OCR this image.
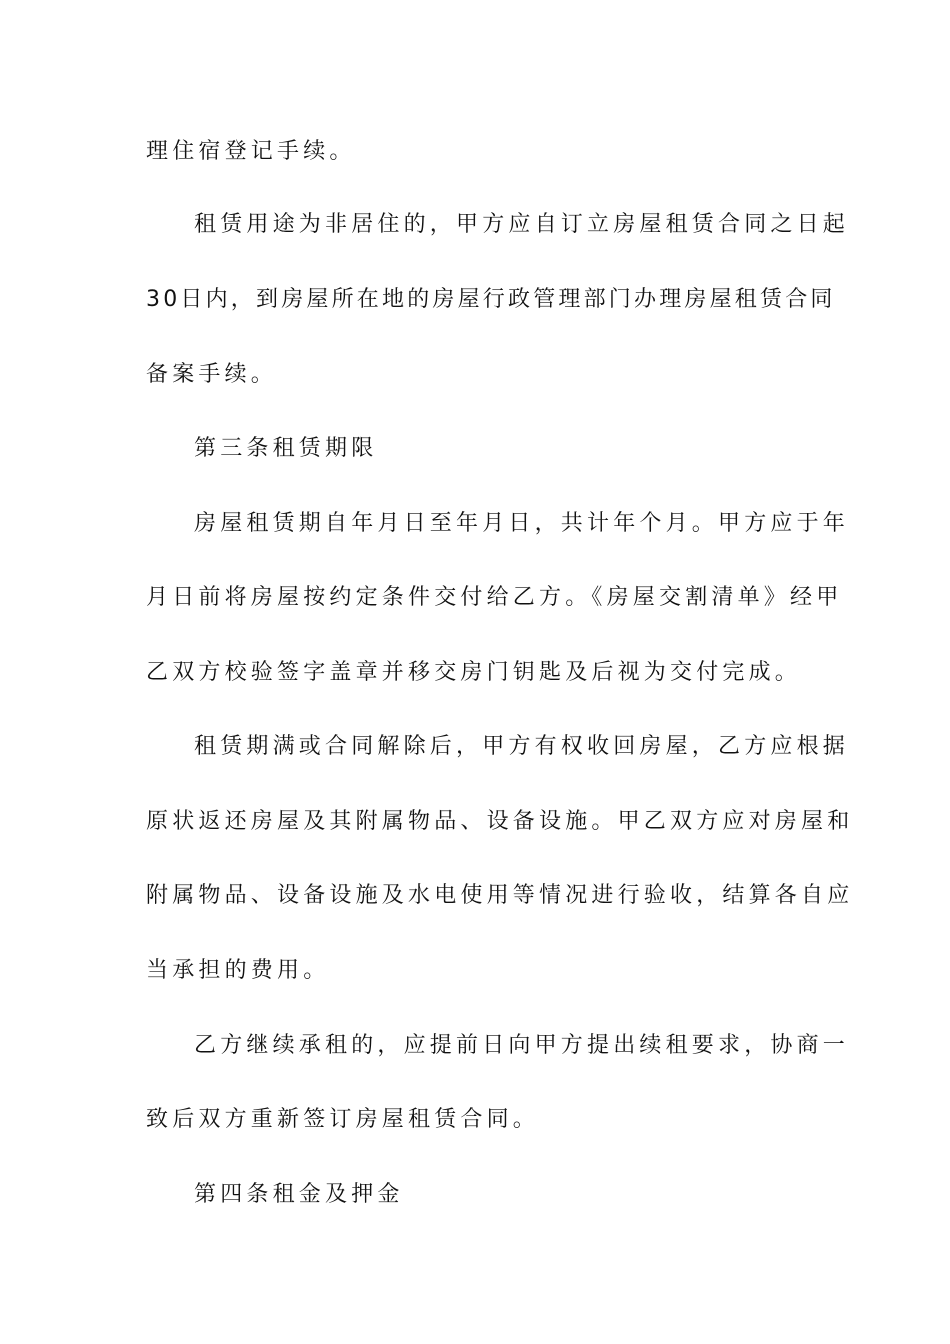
理住宿登记手续。

租赁用途为非居住的，甲方应自订立房屋租赁合同之日起

30日内，到房屋所在地的房屋行政管理部门办理房屋租赁合同

备案手续。

第三条租赁期限

房屋租赁期自年月日至年月日，共计年个月。甲方应于年

月日前将房屋按约定条件交付给乙方。《房屋交割清单》经甲

乙双方校验签字盖章并移交房门钥匙及后视为交付完成。

租赁期满或合同解除后，甲方有权收回房屋，乙方应根据

原状返还房屋及其附属物品、设备设施。甲乙双方应对房屋和

附属物品、设备设施及水电使用等情况进行验收，结算各自应

当承担的费用。

乙方继续承租的，应提前日向甲方提出续租要求，协商一

致后双方重新签订房屋租赁合同。

第四条租金及押金
